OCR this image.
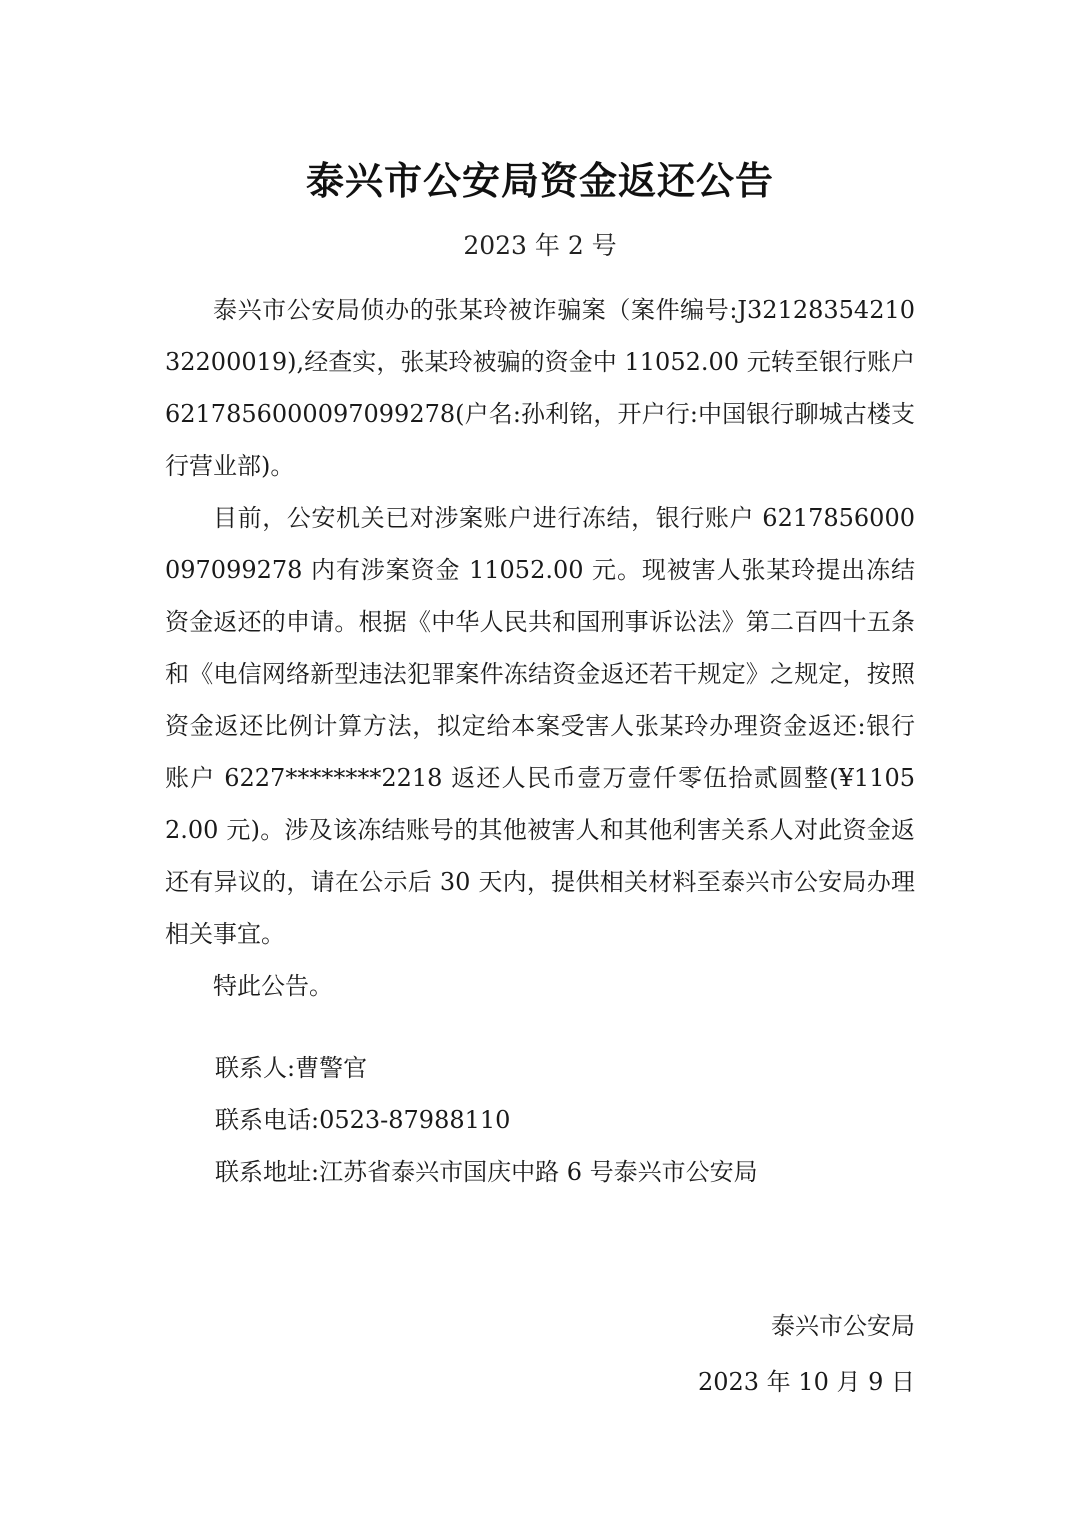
泰兴市公安局资金返还公告
2023 年 2 号

泰兴市公安局侦办的张某玲被诈骗案（案件编号:J3212835421032200019),经查实，张某玲被骗的资金中 11052.00 元转至银行账户 6217856000097099278(户名:孙利铭，开户行:中国银行聊城古楼支行营业部)。

目前，公安机关已对涉案账户进行冻结，银行账户 6217856000097099278 内有涉案资金 11052.00 元。现被害人张某玲提出冻结资金返还的申请。根据《中华人民共和国刑事诉讼法》第二百四十五条和《电信网络新型违法犯罪案件冻结资金返还若干规定》之规定，按照资金返还比例计算方法，拟定给本案受害人张某玲办理资金返还:银行账户 6227********2218 返还人民币壹万壹仟零伍拾贰圆整(¥11052.00 元)。涉及该冻结账号的其他被害人和其他利害关系人对此资金返还有异议的，请在公示后 30 天内，提供相关材料至泰兴市公安局办理相关事宜。

特此公告。

联系人:曹警官

联系电话:0523-87988110

联系地址:江苏省泰兴市国庆中路 6 号泰兴市公安局

泰兴市公安局

2023 年 10 月 9 日
